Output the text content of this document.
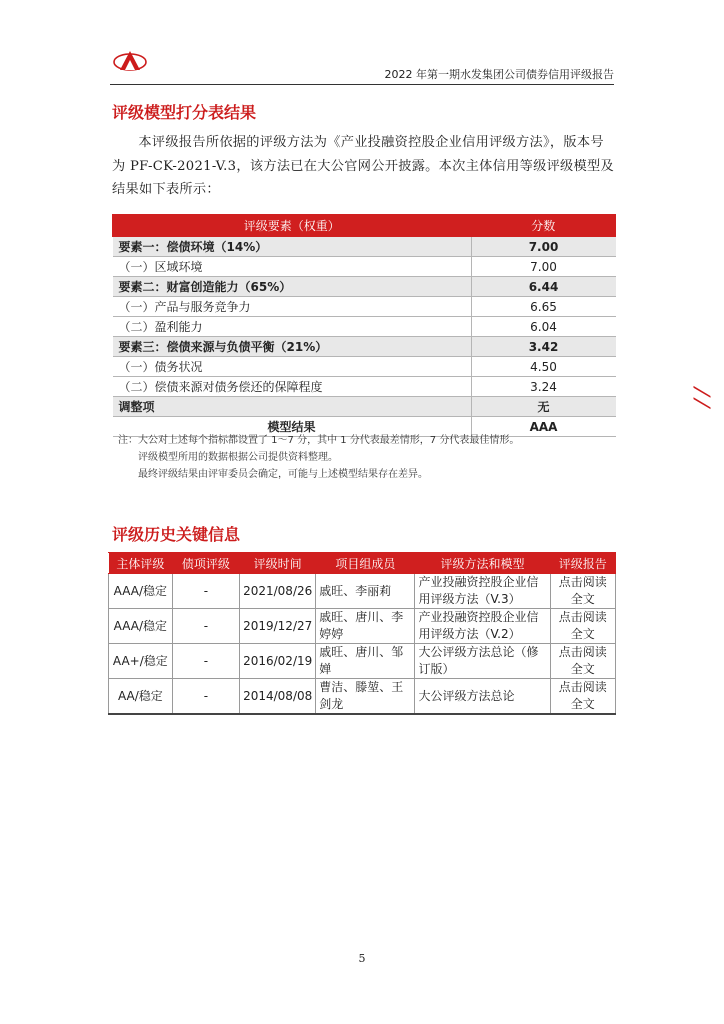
2022 年第一期水发集团公司债券信用评级报告
评级模型打分表结果
本评级报告所依据的评级方法为《产业投融资控股企业信用评级方法》，版本号为 PF-CK-2021-V.3，该方法已在大公官网公开披露。本次主体信用等级评级模型及结果如下表所示：
评级要素（权重）	分数
要素一：偿债环境（14%）	7.00
（一）区域环境	7.00
要素二：财富创造能力（65%）	6.44
（一）产品与服务竞争力	6.65
（二）盈利能力	6.04
要素三：偿债来源与负债平衡（21%）	3.42
（一）债务状况	4.50
（二）偿债来源对债务偿还的保障程度	3.24
调整项	无
模型结果	AAA
注：大公对上述每个指标都设置了 1～7 分，其中 1 分代表最差情形，7 分代表最佳情形。
评级模型所用的数据根据公司提供资料整理。
最终评级结果由评审委员会确定，可能与上述模型结果存在差异。
评级历史关键信息
主体评级	债项评级	评级时间	项目组成员	评级方法和模型	评级报告
AAA/稳定	-	2021/08/26	戚旺、李丽莉	产业投融资控股企业信用评级方法（V.3）	点击阅读全文
AAA/稳定	-	2019/12/27	戚旺、唐川、李婷婷	产业投融资控股企业信用评级方法（V.2）	点击阅读全文
AA+/稳定	-	2016/02/19	戚旺、唐川、邹婵	大公评级方法总论（修订版）	点击阅读全文
AA/稳定	-	2014/08/08	曹洁、滕堃、王剑龙	大公评级方法总论	点击阅读全文
5
⁄ ⁄
